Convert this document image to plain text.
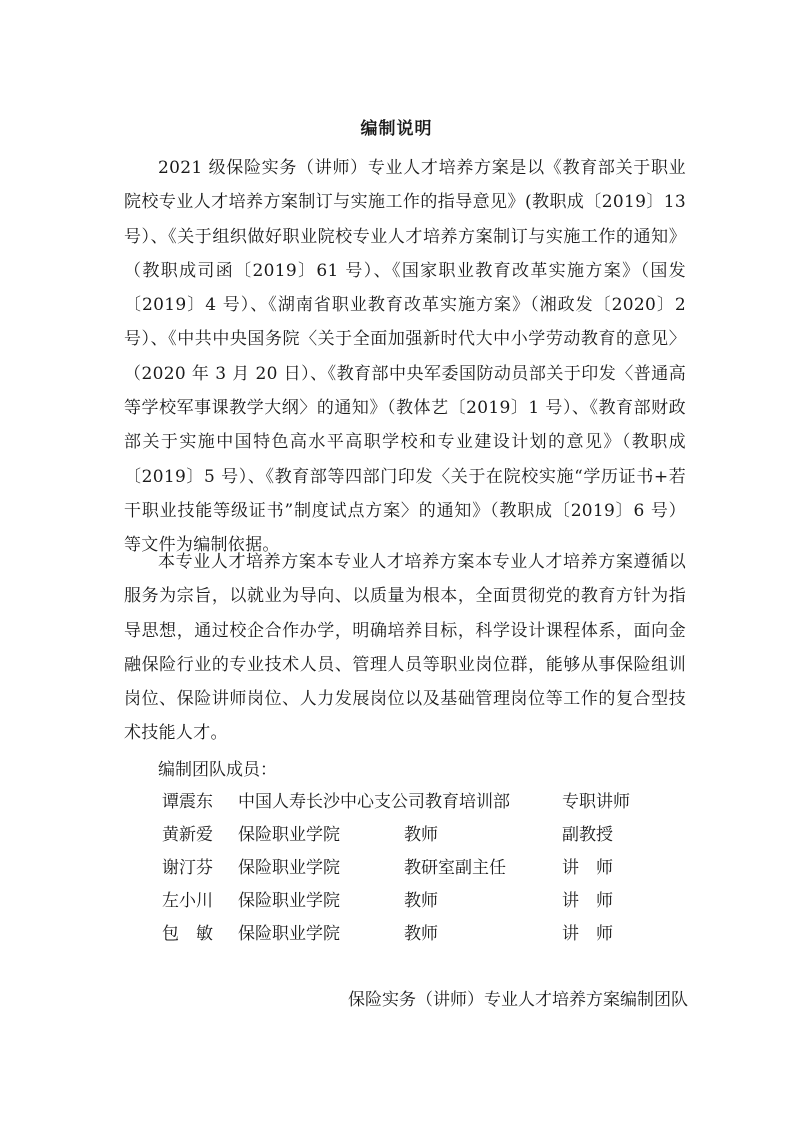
编制说明
2021 级保险实务（讲师）专业人才培养方案是以《教育部关于职业院校专业人才培养方案制订与实施工作的指导意见》(教职成〔2019〕13 号）、《关于组织做好职业院校专业人才培养方案制订与实施工作的通知》（教职成司函〔2019〕61 号）、《国家职业教育改革实施方案》（国发〔2019〕4 号）、《湖南省职业教育改革实施方案》（湘政发〔2020〕2 号）、《中共中央国务院〈关于全面加强新时代大中小学劳动教育的意见〉（2020 年 3 月 20 日）、《教育部中央军委国防动员部关于印发〈普通高等学校军事课教学大纲〉的通知》（教体艺〔2019〕1 号）、《教育部财政部关于实施中国特色高水平高职学校和专业建设计划的意见》（教职成〔2019〕5 号）、《教育部等四部门印发〈关于在院校实施“学历证书+若干职业技能等级证书”制度试点方案〉的通知》（教职成〔2019〕6 号）等文件为编制依据。
本专业人才培养方案本专业人才培养方案本专业人才培养方案遵循以服务为宗旨，以就业为导向、以质量为根本，全面贯彻党的教育方针为指导思想，通过校企合作办学，明确培养目标，科学设计课程体系，面向金融保险行业的专业技术人员、管理人员等职业岗位群，能够从事保险组训岗位、保险讲师岗位、人力发展岗位以及基础管理岗位等工作的复合型技术技能人才。
编制团队成员：
谭震东	中国人寿长沙中心支公司教育培训部	专职讲师
黄新爱	保险职业学院	教师	副教授
谢汀芬	保险职业学院	教研室副主任	讲　师
左小川	保险职业学院	教师	讲　师
包　敏	保险职业学院	教师	讲　师
保险实务（讲师）专业人才培养方案编制团队
